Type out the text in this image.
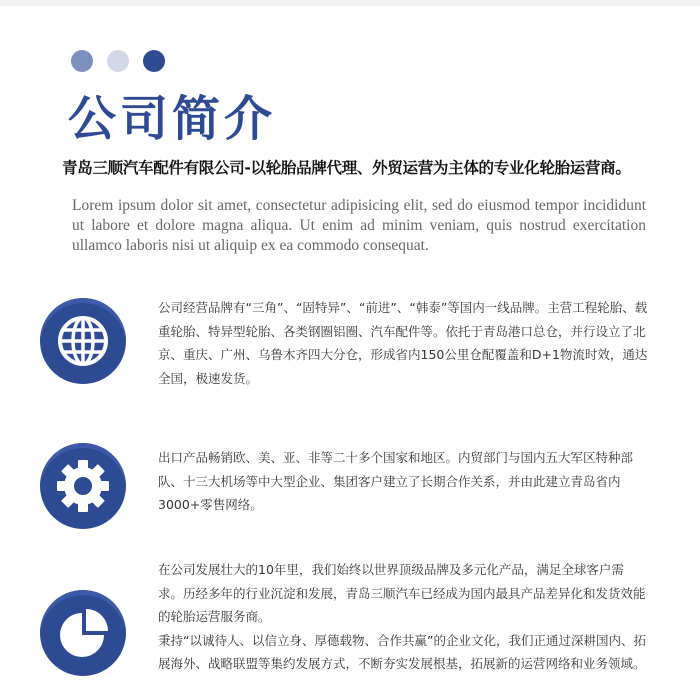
公司简介
青岛三顺汽车配件有限公司-以轮胎品牌代理、外贸运营为主体的专业化轮胎运营商。
Lorem ipsum dolor sit amet, consectetur adipisicing elit, sed do eiusmod tempor incididunt ut labore et dolore magna aliqua. Ut enim ad minim veniam, quis nostrud exercitation ullamco laboris nisi ut aliquip ex ea commodo consequat.
公司经营品牌有“三角”、“固特异”、“前进”、“韩泰”等国内一线品牌。主营工程轮胎、载重轮胎、特异型轮胎、各类钢圈铝圈、汽车配件等。依托于青岛港口总仓，并行设立了北京、重庆、广州、乌鲁木齐四大分仓，形成省内150公里仓配覆盖和D+1物流时效，通达全国，极速发货。
出口产品畅销欧、美、亚、非等二十多个国家和地区。内贸部门与国内五大军区特种部队、十三大机场等中大型企业、集团客户建立了长期合作关系，并由此建立青岛省内3000+零售网络。

在公司发展壮大的10年里，我们始终以世界顶级品牌及多元化产品，满足全球客户需求。历经多年的行业沉淀和发展，青岛三顺汽车已经成为国内最具产品差异化和发货效能的轮胎运营服务商。

秉持“以诚待人、以信立身、厚德载物、合作共赢”的企业文化，我们正通过深耕国内、拓展海外、战略联盟等集约发展方式，不断夯实发展根基，拓展新的运营网络和业务领域。
